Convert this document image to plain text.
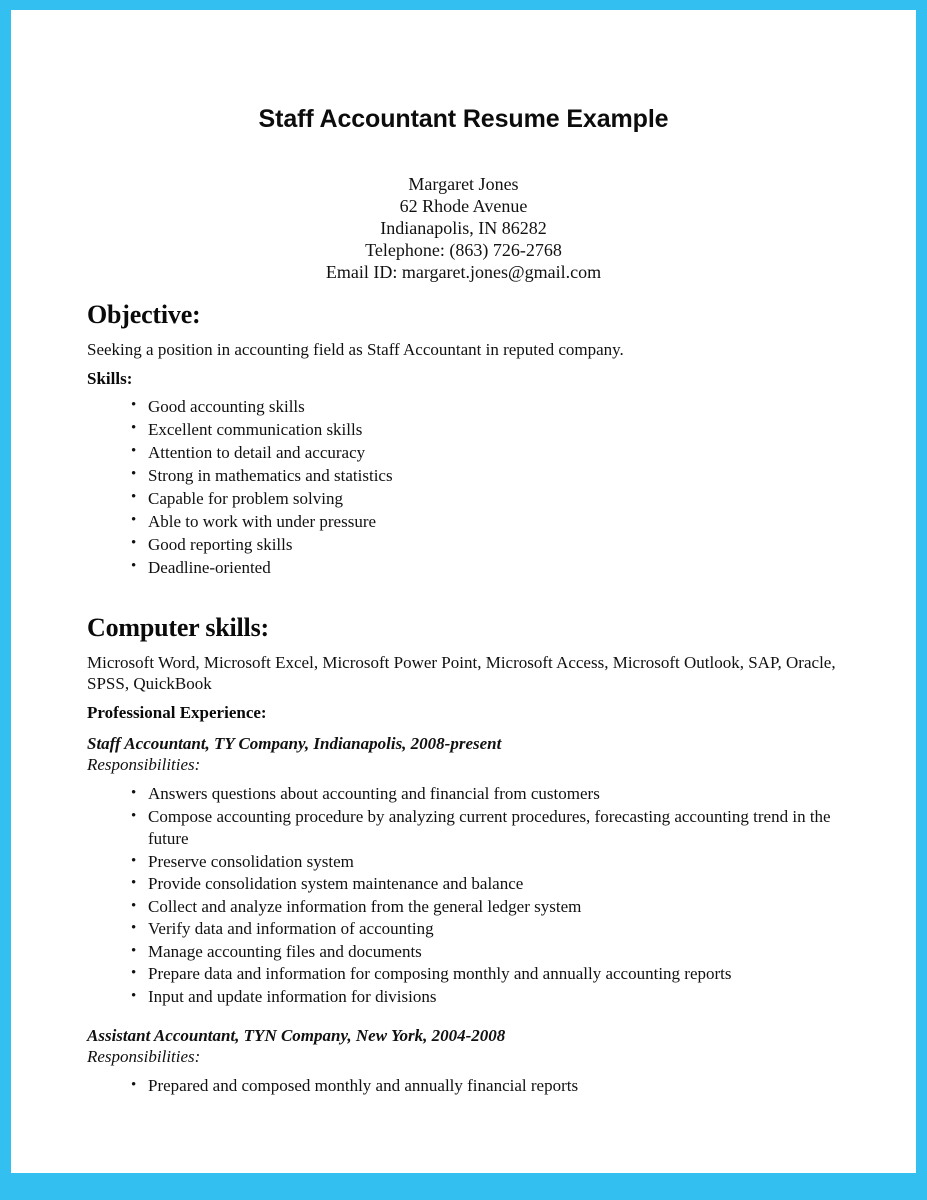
Staff Accountant Resume Example
Margaret Jones
62 Rhode Avenue
Indianapolis, IN 86282
Telephone: (863) 726-2768
Email ID: margaret.jones@gmail.com
Objective:

Seeking a position in accounting field as Staff Accountant in reputed company.

Skills:
• Good accounting skills
• Excellent communication skills
• Attention to detail and accuracy
• Strong in mathematics and statistics
• Capable for problem solving
• Able to work with under pressure
• Good reporting skills
• Deadline-oriented
Computer skills:

Microsoft Word, Microsoft Excel, Microsoft Power Point, Microsoft Access, Microsoft Outlook, SAP, Oracle, SPSS, QuickBook

Professional Experience:

Staff Accountant, TY Company, Indianapolis, 2008-present

Responsibilities:

• Answers questions about accounting and financial from customers
• Compose accounting procedure by analyzing current procedures, forecasting accounting trend in the future
• Preserve consolidation system
• Provide consolidation system maintenance and balance
• Collect and analyze information from the general ledger system
• Verify data and information of accounting
• Manage accounting files and documents
• Prepare data and information for composing monthly and annually accounting reports
• Input and update information for divisions

Assistant Accountant, TYN Company, New York, 2004-2008

Responsibilities:

• Prepared and composed monthly and annually financial reports
